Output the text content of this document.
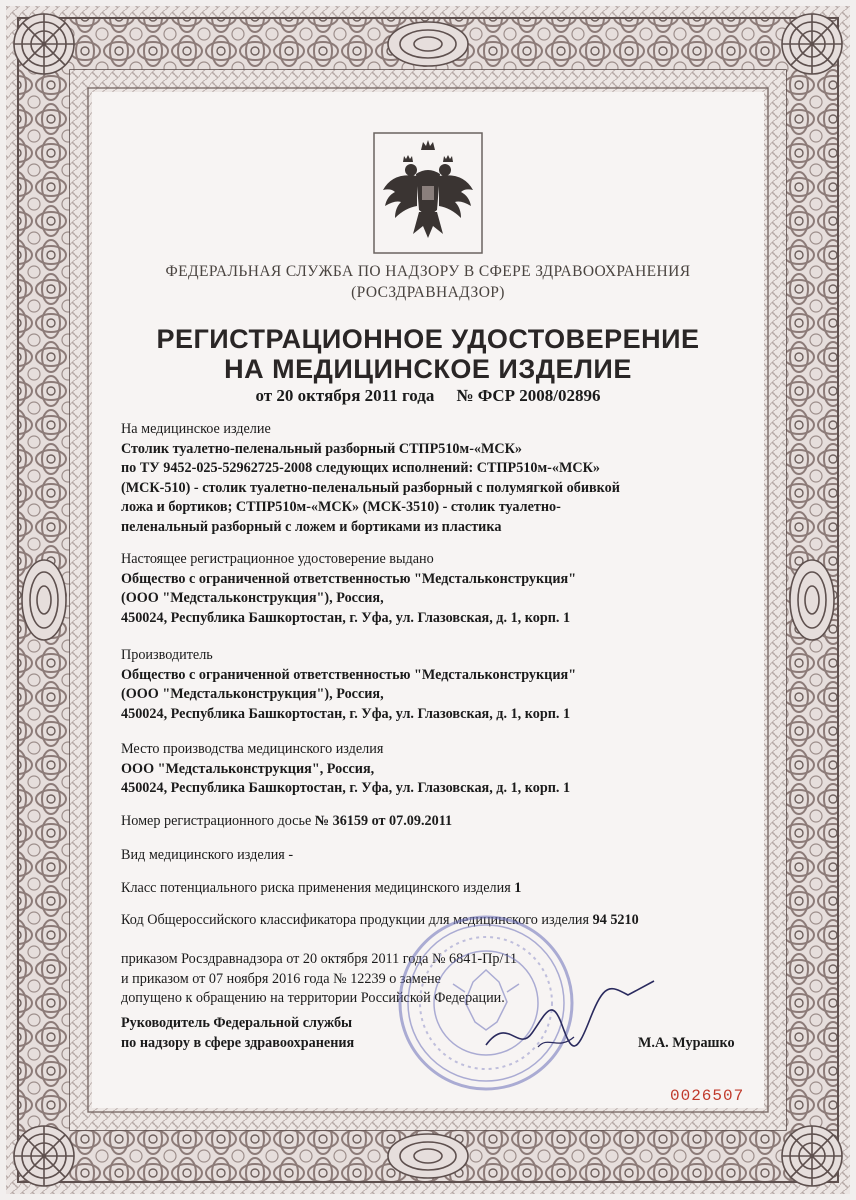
ФЕДЕРАЛЬНАЯ СЛУЖБА ПО НАДЗОРУ В СФЕРЕ ЗДРАВООХРАНЕНИЯ
(РОСЗДРАВНАДЗОР)
РЕГИСТРАЦИОННОЕ УДОСТОВЕРЕНИЕ
НА МЕДИЦИНСКОЕ ИЗДЕЛИЕ
от 20 октября 2011 года № ФСР 2008/02896
На медицинское изделие
Столик туалетно-пеленальный разборный СТПР510м-«МСК»
по ТУ 9452-025-52962725-2008 следующих исполнений: СТПР510м-«МСК»
(МСК-510) - столик туалетно-пеленальный разборный с полумягкой обивкой
ложа и бортиков; СТПР510м-«МСК» (МСК-3510) - столик туалетно-
пеленальный разборный с ложем и бортиками из пластика
Настоящее регистрационное удостоверение выдано
Общество с ограниченной ответственностью "Медстальконструкция"
(ООО "Медстальконструкция"), Россия,
450024, Республика Башкортостан, г. Уфа, ул. Глазовская, д. 1, корп. 1
Производитель
Общество с ограниченной ответственностью "Медстальконструкция"
(ООО "Медстальконструкция"), Россия,
450024, Республика Башкортостан, г. Уфа, ул. Глазовская, д. 1, корп. 1
Место производства медицинского изделия
ООО "Медстальконструкция", Россия,
450024, Республика Башкортостан, г. Уфа, ул. Глазовская, д. 1, корп. 1
Номер регистрационного досье № 36159 от 07.09.2011
Вид медицинского изделия -
Класс потенциального риска применения медицинского изделия 1
Код Общероссийского классификатора продукции для медицинского изделия 94 5210
приказом Росздравнадзора от 20 октября 2011 года № 6841-Пр/11
и приказом от 07 ноября 2016 года № 12239 о замене
допущено к обращению на территории Российской Федерации.
Руководитель Федеральной службы
по надзору в сфере здравоохранения	М.А. Мурашко
0026507
